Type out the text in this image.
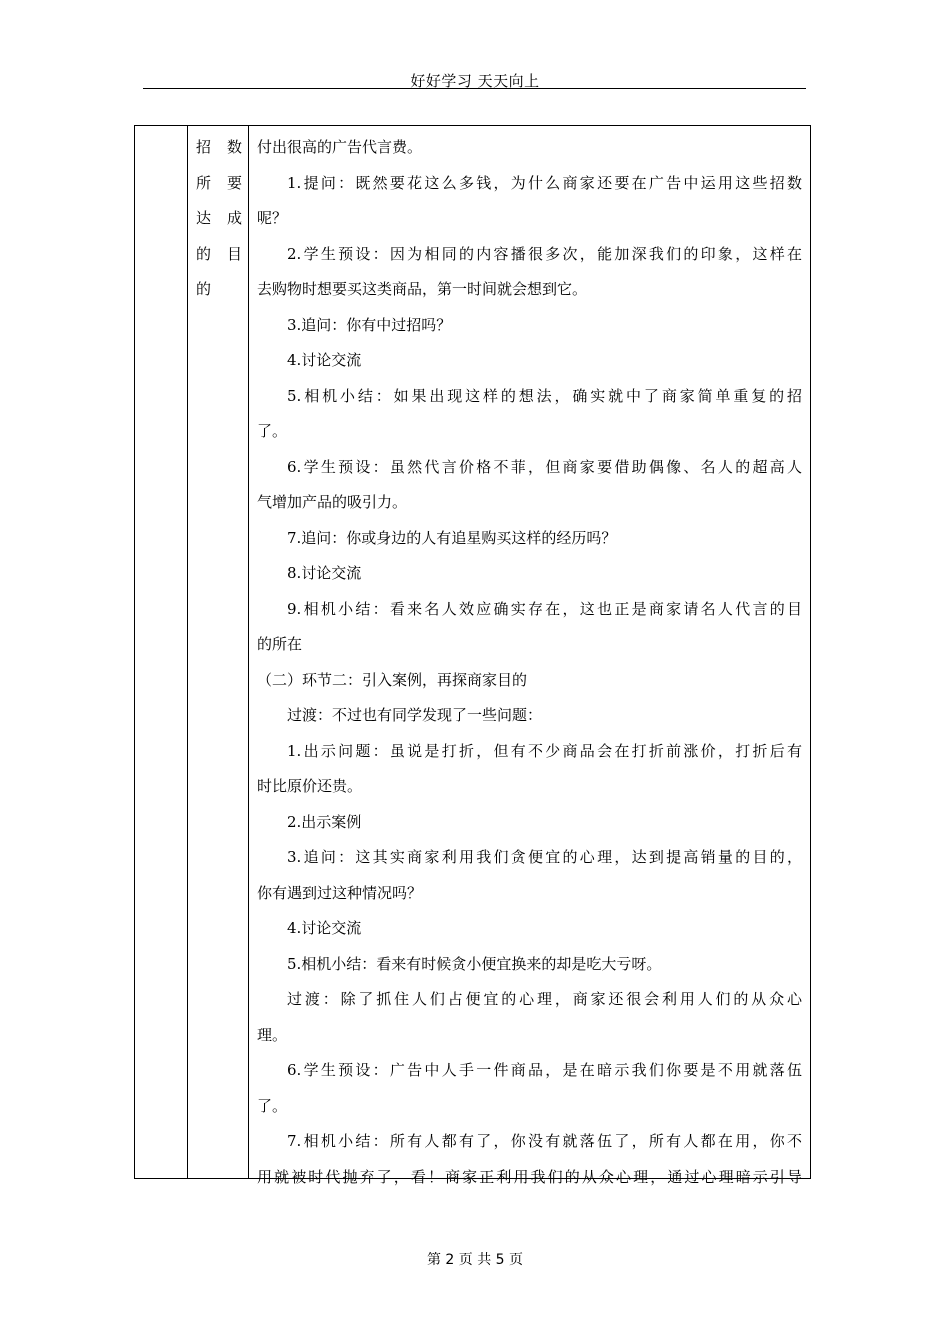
好好学习 天天向上
招 数
所 要
达 成
的 目
的
付出很高的广告代言费。
1.提问：既然要花这么多钱，为什么商家还要在广告中运用这些招数
呢？
2.学生预设：因为相同的内容播很多次，能加深我们的印象，这样在
去购物时想要买这类商品，第一时间就会想到它。
3.追问：你有中过招吗？
4.讨论交流
5.相机小结：如果出现这样的想法，确实就中了商家简单重复的招
了。
6.学生预设：虽然代言价格不菲，但商家要借助偶像、名人的超高人
气增加产品的吸引力。
7.追问：你或身边的人有追星购买这样的经历吗？
8.讨论交流
9.相机小结：看来名人效应确实存在，这也正是商家请名人代言的目
的所在
（二）环节二：引入案例，再探商家目的
过渡：不过也有同学发现了一些问题：
1.出示问题：虽说是打折，但有不少商品会在打折前涨价，打折后有
时比原价还贵。
2.出示案例
3.追问：这其实商家利用我们贪便宜的心理，达到提高销量的目的，
你有遇到过这种情况吗？
4.讨论交流
5.相机小结：看来有时候贪小便宜换来的却是吃大亏呀。
过渡：除了抓住人们占便宜的心理，商家还很会利用人们的从众心
理。
6.学生预设：广告中人手一件商品，是在暗示我们你要是不用就落伍
了。
7.相机小结：所有人都有了，你没有就落伍了，所有人都在用，你不
用就被时代抛弃了，看！商家正利用我们的从众心理，通过心理暗示引导
第 2 页 共 5 页
